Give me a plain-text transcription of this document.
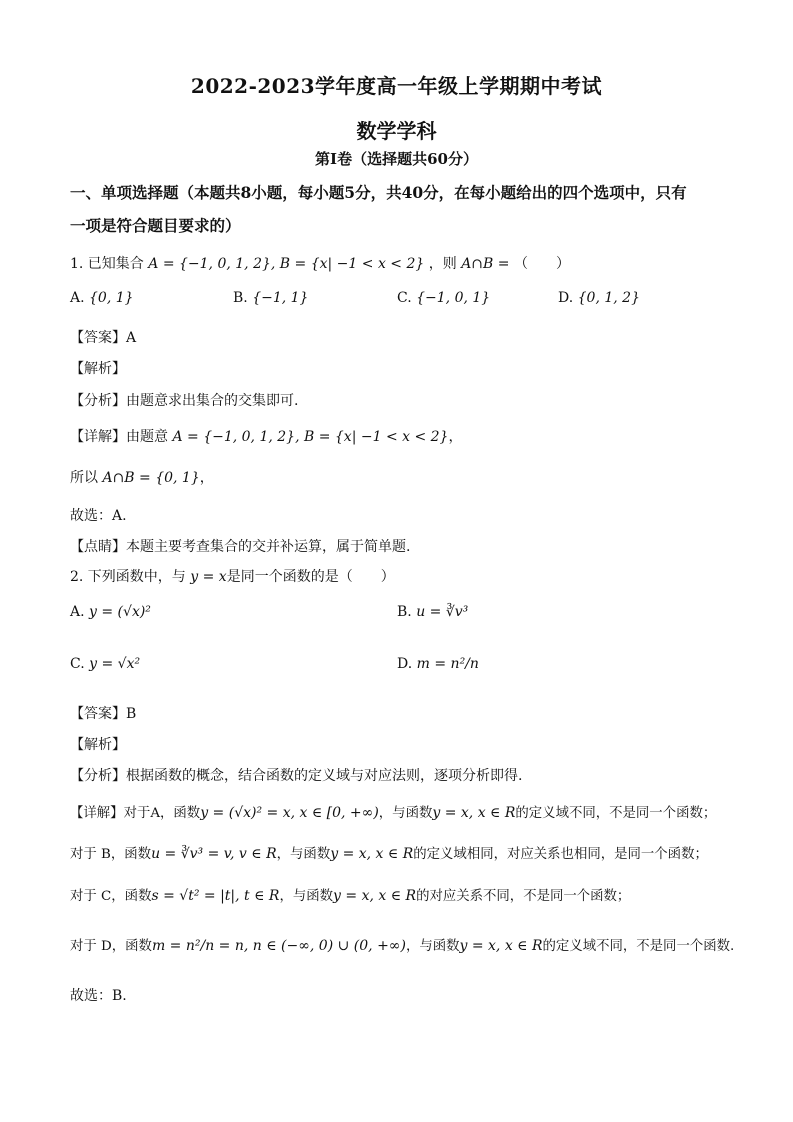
2022-2023学年度高一年级上学期期中考试
数学学科
第Ⅰ卷（选择题共60分）
一、单项选择题（本题共8小题，每小题5分，共40分，在每小题给出的四个选项中，只有
一项是符合题目要求的）
1. 已知集合 A = {−1, 0, 1, 2}, B = {x| −1 < x < 2} ，则 A∩B = （　　）
A. {0, 1}	B. {−1, 1}	C. {−1, 0, 1}	D. {0, 1, 2}
【答案】A
【解析】
【分析】由题意求出集合的交集即可.
【详解】由题意 A = {−1, 0, 1, 2}, B = {x| −1 < x < 2}，
所以 A∩B = {0, 1}，
故选：A.
【点睛】本题主要考查集合的交并补运算，属于简单题.
2. 下列函数中，与 y = x是同一个函数的是（　　）
A. y = (√x)²	B. u = ∛v³
C. y = √x²	D. m = n²/n
【答案】B
【解析】
【分析】根据函数的概念，结合函数的定义域与对应法则，逐项分析即得.
【详解】对于A，函数y = (√x)² = x, x ∈ [0, +∞)，与函数y = x, x ∈ R的定义域不同，不是同一个函数；
对于 B，函数u = ∛v³ = v, v ∈ R，与函数y = x, x ∈ R的定义域相同，对应关系也相同，是同一个函数；
对于 C，函数s = √t² = |t|, t ∈ R，与函数y = x, x ∈ R的对应关系不同，不是同一个函数；
对于 D，函数m = n²/n = n, n ∈ (−∞, 0) ∪ (0, +∞)，与函数y = x, x ∈ R的定义域不同，不是同一个函数.
故选：B.
